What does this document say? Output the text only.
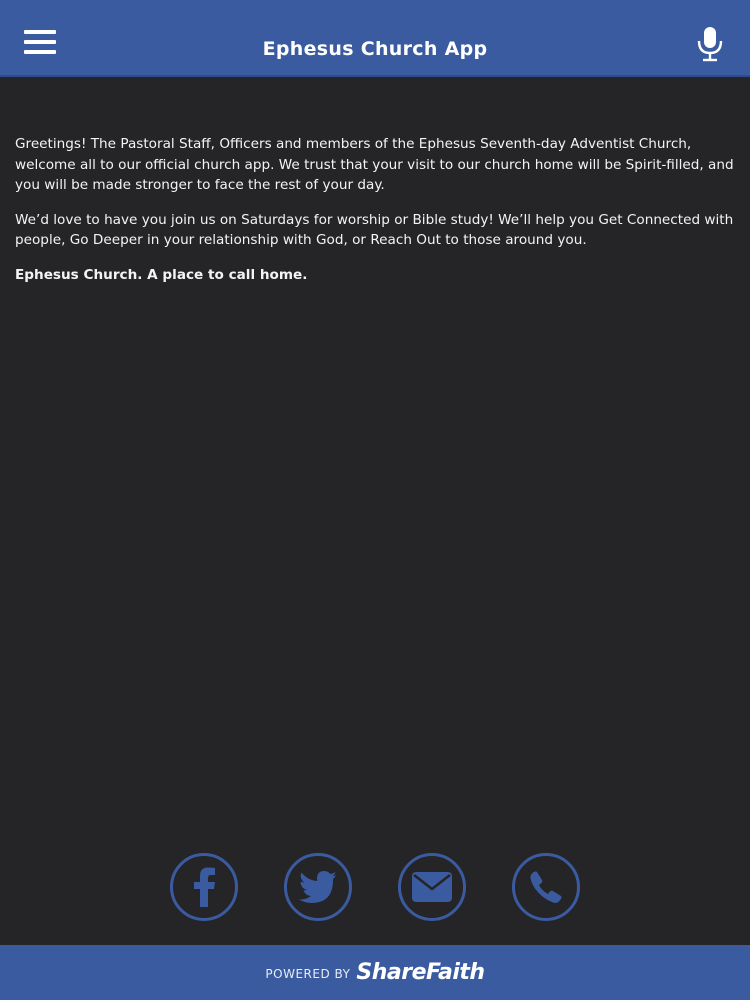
Ephesus Church App

Greetings! The Pastoral Staff, Officers and members of the Ephesus Seventh-day Adventist Church, welcome all to our official church app. We trust that your visit to our church home will be Spirit-filled, and you will be made stronger to face the rest of your day.

We’d love to have you join us on Saturdays for worship or Bible study! We’ll help you Get Connected with people, Go Deeper in your relationship with God, or Reach Out to those around you.

Ephesus Church. A place to call home.

POWERED BY ShareFaith
